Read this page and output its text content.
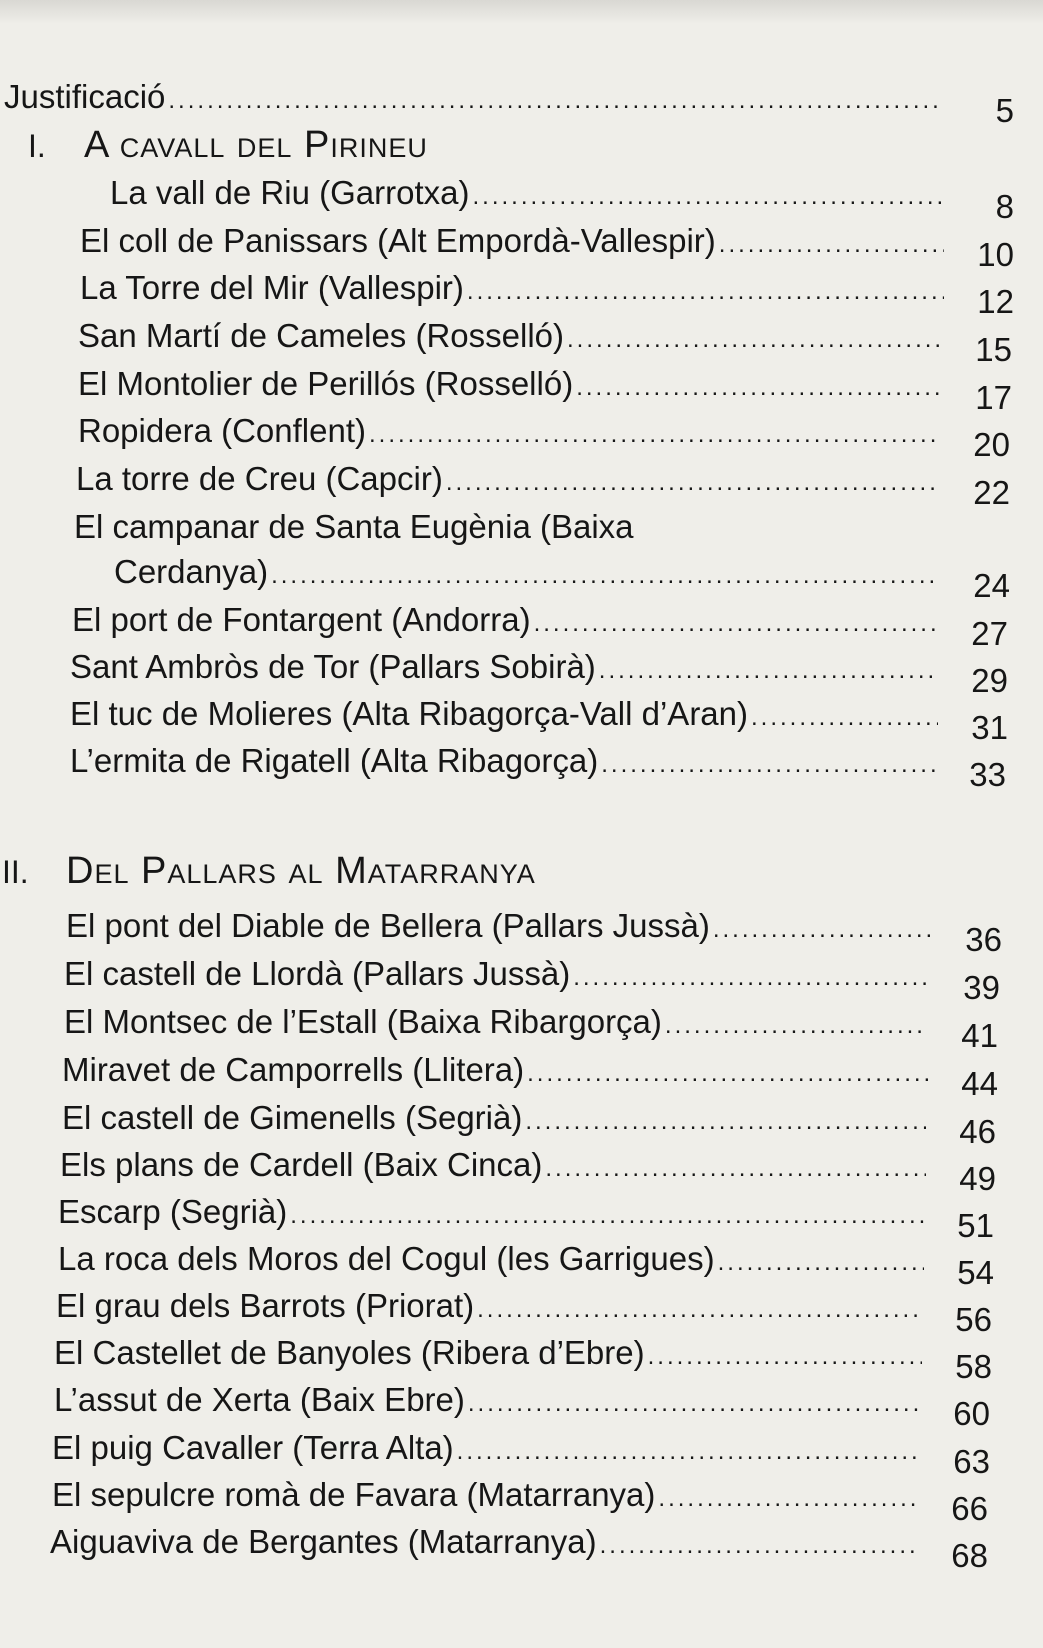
Justificació .....	5
I.	A cavall del Pirineu
La vall de Riu (Garrotxa) .....	8
El coll de Panissars (Alt Empordà-Vallespir) .....	10
La Torre del Mir (Vallespir) .....	12
San Martí de Cameles (Rosselló) .....	15
El Montolier de Perillós (Rosselló) .....	17
Ropidera (Conflent) .....	20
La torre de Creu (Capcir) .....	22
El campanar de Santa Eugènia (Baixa
Cerdanya) .....	24
El port de Fontargent (Andorra) .....	27
Sant Ambròs de Tor (Pallars Sobirà) .....	29
El tuc de Molieres (Alta Ribagorça-Vall d’Aran) .....	31
L’ermita de Rigatell (Alta Ribagorça) .....	33
II. Del Pallars al Matarranya
El pont del Diable de Bellera (Pallars Jussà) .....	36
El castell de Llordà (Pallars Jussà) .....	39
El Montsec de l’Estall (Baixa Ribargorça) .....	41
Miravet de Camporrells (Llitera) .....	44
El castell de Gimenells (Segrià) .....	46
Els plans de Cardell (Baix Cinca) .....	49
Escarp (Segrià) .....	51
La roca dels Moros del Cogul (les Garrigues) .....	54
El grau dels Barrots (Priorat) .....	56
El Castellet de Banyoles (Ribera d’Ebre) .....	58
L’assut de Xerta (Baix Ebre) .....	60
El puig Cavaller (Terra Alta) .....	63
El sepulcre romà de Favara (Matarranya) .....	66
Aiguaviva de Bergantes (Matarranya) .....	68
